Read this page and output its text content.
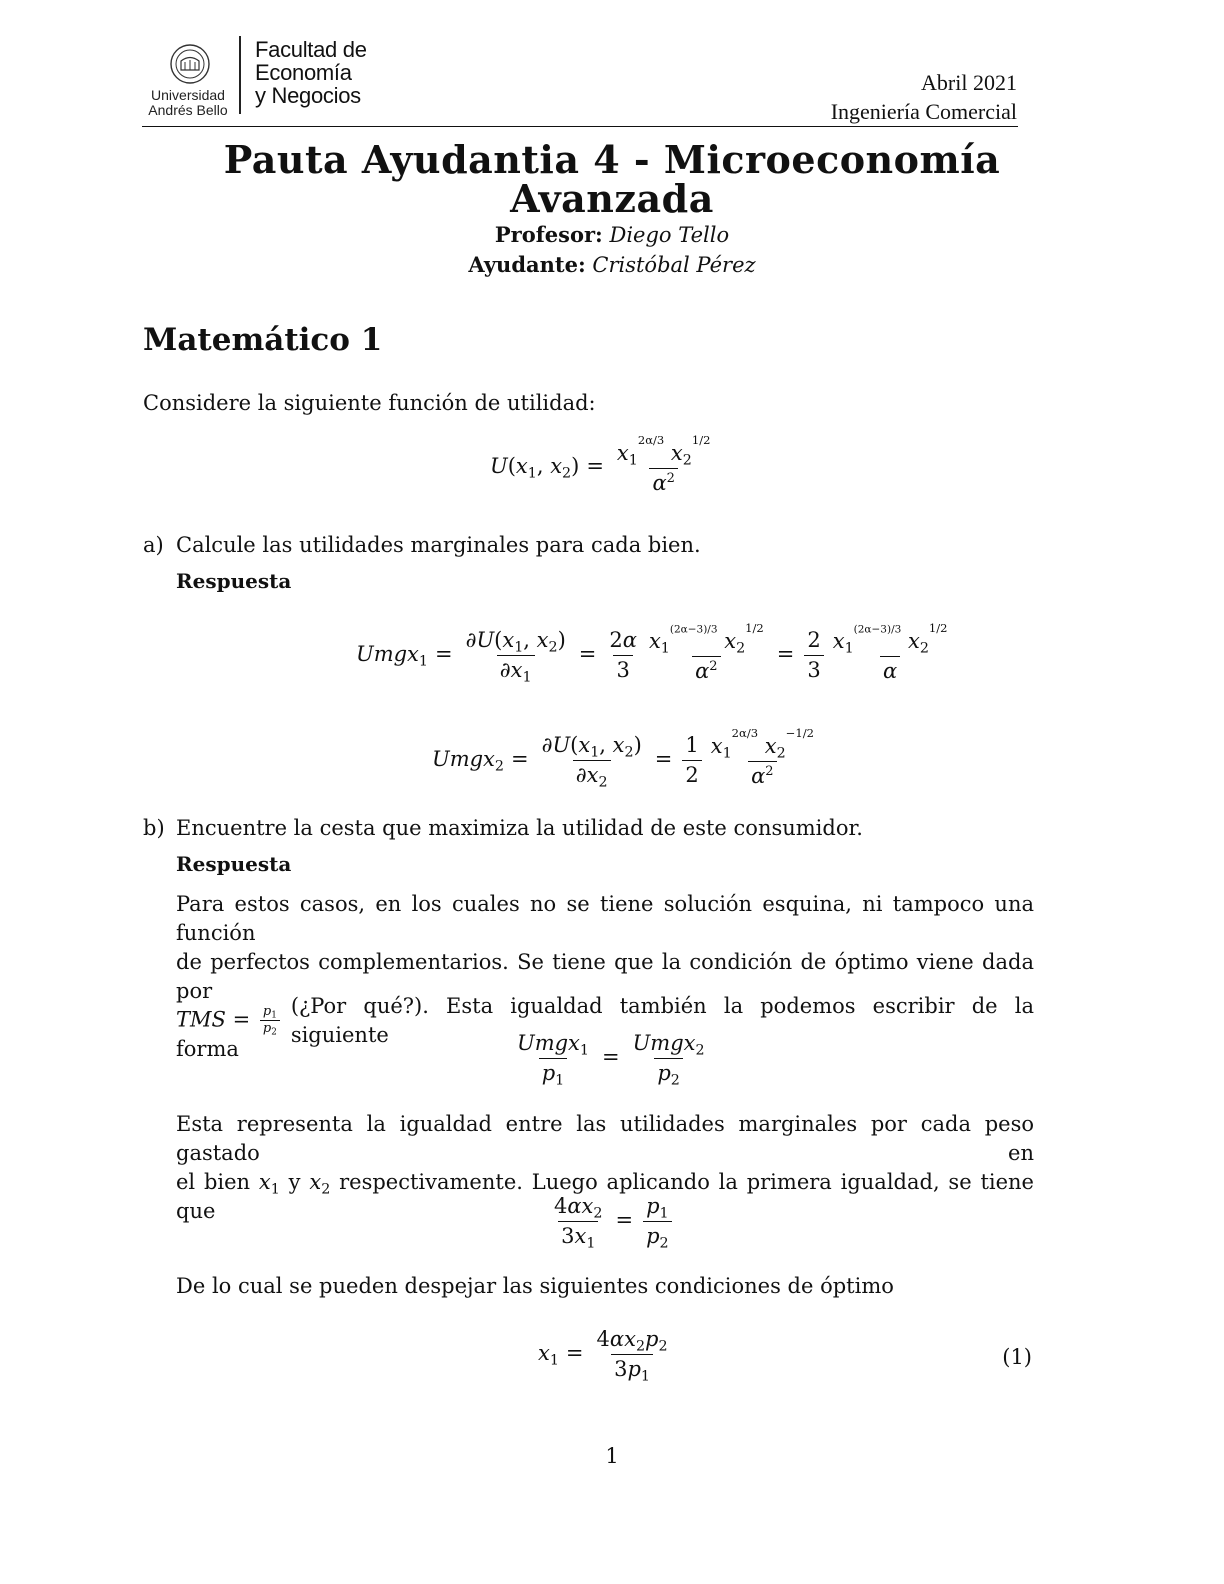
Universidad
Andrés Bello
Facultad de
Economía
y Negocios
Abril 2021
Ingeniería Comercial
Pauta Ayudantia 4 - Microeconomía
Avanzada
Profesor: Diego Tello
Ayudante: Cristóbal Pérez
Matemático 1
Considere la siguiente función de utilidad:
$U(x_1$, $x_2) = \frac{x_1^{2\alpha/3} x_2^{1/2}}{\alpha^2}$
a) Calcule las utilidades marginales para cada bien.
Respuesta
Umgx$_1$ = $\frac{\partial U(x_1, x_2)}{\partial x_1} = \frac{2\alpha}{3} \frac{x_1^{(2\alpha-3)/3} x_2^{1/2}}{\alpha^2} = \frac{2}{3} \frac{x_1^{(2\alpha-3)/3} x_2^{1/2}}{\alpha}$
Umgx$_2$ = $\frac{\partial U(x_1, x_2)}{\partial x_2} = \frac{1}{2} \frac{x_1^{2\alpha/3} x_2^{-1/2}}{\alpha^2}$
b) Encuentre la cesta que maximiza la utilidad de este consumidor.
Respuesta
Para estos casos, en los cuales no se tiene solución esquina, ni tampoco una función
de perfectos complementarios. Se tiene que la condición de óptimo viene dada por
TMS = $\frac{p_1}{p_2}$ (¿Por qué?). Esta igualdad también la podemos escribir de la siguiente
forma	$\frac{Umgx_1}{p_1} = \frac{Umgx_2}{p_2}$
Esta representa la igualdad entre las utilidades marginales por cada peso gastado en
el bien $x_1$ y $x_2$ respectivamente. Luego aplicando la primera igualdad, se tiene que	$\frac{4\alpha x_2}{3x_1} = \frac{p_1}{p_2}$
De lo cual se pueden despejar las siguientes condiciones de óptimo
$x_1 = \frac{4\alpha x_2p_2}{3p_1}$	(1)
1
